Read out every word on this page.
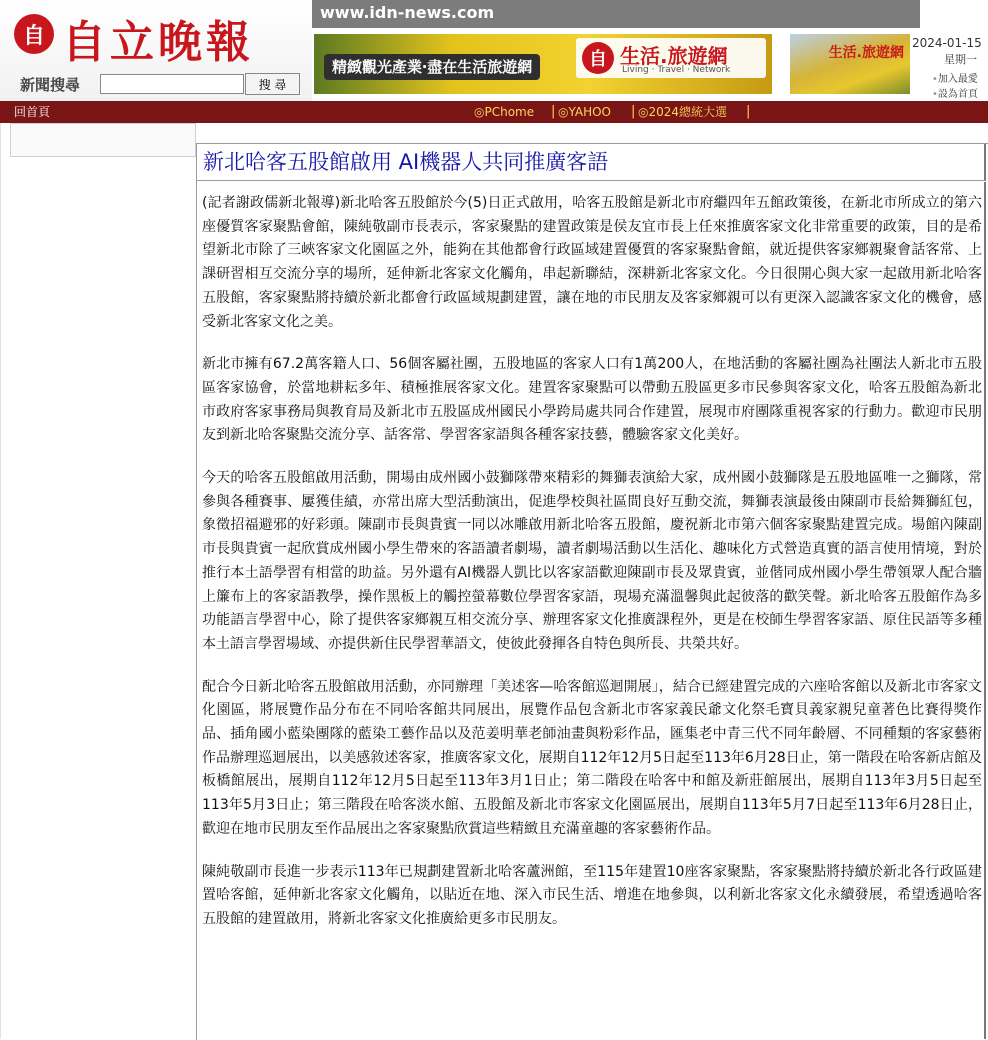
自 自立晚報
新聞搜尋	搜 尋
www.idn-news.com
精緻觀光產業‧盡在生活旅遊網	自 生活.旅遊網
Living · Travel · Network
生活.旅遊網
2024-01-15
星期一
• 加入最愛
• 設為首頁
回首頁	◎PChome | ◎YAHOO | ◎2024總統大選 |
新北哈客五股館啟用 AI機器人共同推廣客語

(記者謝政儒新北報導)新北哈客五股館於今(5)日正式啟用，哈客五股館是新北市府繼四年五館政策後，在新北市所成立的第六座優質客家聚點會館，陳純敬副市長表示，客家聚點的建置政策是侯友宜市長上任來推廣客家文化非常重要的政策，目的是希望新北市除了三峽客家文化園區之外，能夠在其他都會行政區域建置優質的客家聚點會館，就近提供客家鄉親聚會話客常、上課研習相互交流分享的場所，延伸新北客家文化觸角，串起新聯結，深耕新北客家文化。今日很開心與大家一起啟用新北哈客五股館，客家聚點將持續於新北都會行政區域規劃建置，讓在地的市民朋友及客家鄉親可以有更深入認識客家文化的機會，感受新北客家文化之美。

新北市擁有67.2萬客籍人口、56個客屬社團，五股地區的客家人口有1萬200人，在地活動的客屬社團為社團法人新北市五股區客家協會，於當地耕耘多年、積極推展客家文化。建置客家聚點可以帶動五股區更多市民參與客家文化，哈客五股館為新北市政府客家事務局與教育局及新北市五股區成州國民小學跨局處共同合作建置，展現市府團隊重視客家的行動力。歡迎市民朋友到新北哈客聚點交流分享、話客常、學習客家語與各種客家技藝，體驗客家文化美好。

今天的哈客五股館啟用活動，開場由成州國小鼓獅隊帶來精彩的舞獅表演給大家，成州國小鼓獅隊是五股地區唯一之獅隊，常參與各種賽事、屢獲佳績，亦常出席大型活動演出，促進學校與社區間良好互動交流，舞獅表演最後由陳副市長給舞獅紅包，象徵招福避邪的好彩頭。陳副市長與貴賓一同以冰雕啟用新北哈客五股館，慶祝新北市第六個客家聚點建置完成。場館內陳副市長與貴賓一起欣賞成州國小學生帶來的客語讀者劇場，讀者劇場活動以生活化、趣味化方式營造真實的語言使用情境，對於推行本土語學習有相當的助益。另外還有AI機器人凱比以客家語歡迎陳副市長及眾貴賓，並偕同成州國小學生帶領眾人配合牆上簾布上的客家語教學，操作黑板上的觸控螢幕數位學習客家語，現場充滿溫馨與此起彼落的歡笑聲。新北哈客五股館作為多功能語言學習中心，除了提供客家鄉親互相交流分享、辦理客家文化推廣課程外，更是在校師生學習客家語、原住民語等多種本土語言學習場域、亦提供新住民學習華語文，使彼此發揮各自特色與所長、共榮共好。

配合今日新北哈客五股館啟用活動，亦同辦理「美述客—哈客館巡迴開展」，結合已經建置完成的六座哈客館以及新北市客家文化園區，將展覽作品分布在不同哈客館共同展出，展覽作品包含新北市客家義民爺文化祭毛寶貝義家親兒童著色比賽得獎作品、插角國小藍染團隊的藍染工藝作品以及范姜明華老師油畫與粉彩作品，匯集老中青三代不同年齡層、不同種類的客家藝術作品辦理巡迴展出，以美感敘述客家，推廣客家文化，展期自112年12月5日起至113年6月28日止，第一階段在哈客新店館及板橋館展出，展期自112年12月5日起至113年3月1日止；第二階段在哈客中和館及新莊館展出，展期自113年3月5日起至113年5月3日止；第三階段在哈客淡水館、五股館及新北市客家文化園區展出，展期自113年5月7日起至113年6月28日止，歡迎在地市民朋友至作品展出之客家聚點欣賞這些精緻且充滿童趣的客家藝術作品。

陳純敬副市長進一步表示113年已規劃建置新北哈客蘆洲館，至115年建置10座客家聚點，客家聚點將持續於新北各行政區建置哈客館，延伸新北客家文化觸角，以貼近在地、深入市民生活、增進在地參與，以利新北客家文化永續發展，希望透過哈客五股館的建置啟用，將新北客家文化推廣給更多市民朋友。
